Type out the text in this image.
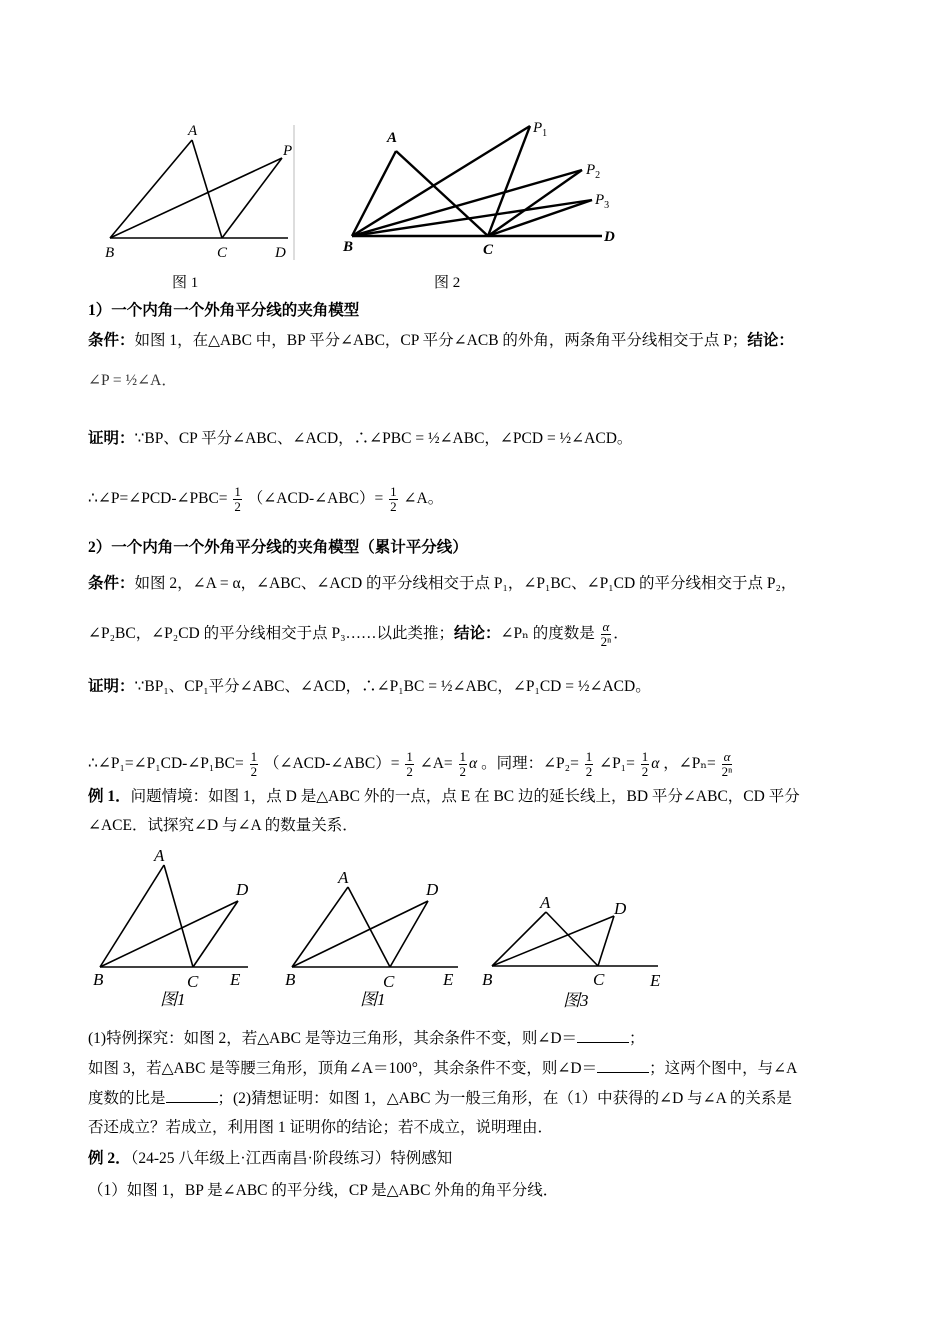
A
B	C	D
P
图 1
A
B	C
D
$P_1$
$P_2$
$P_3$
图 2
1）一个内角一个外角平分线的夹角模型
条件：如图 1，在△ABC 中，BP 平分∠ABC，CP 平分∠ACB 的外角，两条角平分线相交于点 P；结论：
∠P = ½∠A．
证明：∵BP、CP 平分∠ABC、∠ACD，∴∠PBC = ½∠ABC，∠PCD = ½∠ACD。
∴∠P=∠PCD-∠PBC= $\frac{1}{2}$ （∠ACD-∠ABC）= $\frac{1}{2}$ ∠A。
2）一个内角一个外角平分线的夹角模型（累计平分线）
条件：如图 2，∠A = α，∠ABC、∠ACD 的平分线相交于点 P₁，∠P₁BC、∠P₁CD 的平分线相交于点 P₂，
∠P₂BC，∠P₂CD 的平分线相交于点 P₃……以此类推；结论：∠Pₙ 的度数是 $\frac{\alpha}{\text{2ⁿ}}$ ．
证明：∵BP₁、CP₁平分∠ABC、∠ACD，∴∠P₁BC = ½∠ABC，∠P₁CD = ½∠ACD。
∴∠P₁=∠P₁CD-∠P₁BC= $\frac{1}{2}$ （∠ACD-∠ABC）= $\frac{1}{2}$ ∠A= $\frac{1}{2}$ α 。同理：∠P₂= $\frac{1}{2}$ ∠P₁= $\frac{1}{2}$ α ，∠Pₙ= $\frac{\alpha}{\text{2ⁿ}}$
例 1．问题情境：如图 1，点 D 是△ABC 外的一点，点 E 在 BC 边的延长线上，BD 平分∠ABC，CD 平分
∠ACE．试探究∠D 与∠A 的数量关系．
A
B	C
D
E
图1
A
B	C
D
E
图1
A
B	C
D
E
图3
(1)特例探究：如图 2，若△ABC 是等边三角形，其余条件不变，则∠D＝	；
如图 3，若△ABC 是等腰三角形，顶角∠A＝100°，其余条件不变，则∠D＝	；这两个图中，与∠A
度数的比是	；(2)猜想证明：如图 1，△ABC 为一般三角形，在（1）中获得的∠D 与∠A 的关系是
否还成立？若成立，利用图 1 证明你的结论；若不成立，说明理由．
例 2．（24-25 八年级上·江西南昌·阶段练习）特例感知
（1）如图 1，BP 是∠ABC 的平分线，CP 是△ABC 外角的角平分线．
